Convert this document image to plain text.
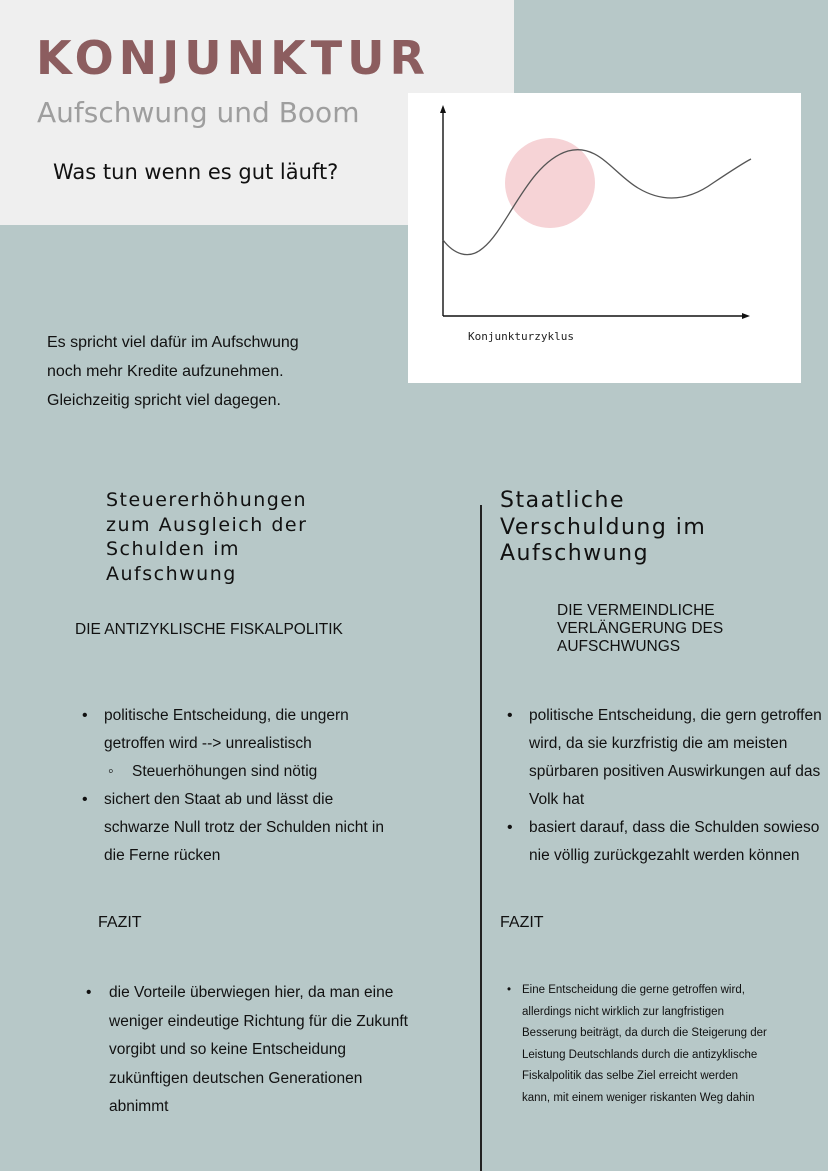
KONJUNKTUR
Aufschwung und Boom
Was tun wenn es gut läuft?
Konjunkturzyklus
Es spricht viel dafür im Aufschwung
noch mehr Kredite aufzunehmen.
Gleichzeitig spricht viel dagegen.
Steuererhöhungen
zum Ausgleich der
Schulden im
Aufschwung
Staatliche
Verschuldung im
Aufschwung
DIE ANTIZYKLISCHE FISKALPOLITIK
DIE VERMEINDLICHE
VERLÄNGERUNG DES
AUFSCHWUNGS
• politische Entscheidung, die ungern getroffen wird --> unrealistisch
◦ Steuerhöhungen sind nötig
• sichert den Staat ab und lässt die schwarze Null trotz der Schulden nicht in die Ferne rücken
• politische Entscheidung, die gern getroffen wird, da sie kurzfristig die am meisten spürbaren positiven Auswirkungen auf das Volk hat
• basiert darauf, dass die Schulden sowieso nie völlig zurückgezahlt werden können
FAZIT	FAZIT
• die Vorteile überwiegen hier, da man eine weniger eindeutige Richtung für die Zukunft vorgibt und so keine Entscheidung zukünftigen deutschen Generationen abnimmt
• Eine Entscheidung die gerne getroffen wird, allerdings nicht wirklich zur langfristigen Besserung beiträgt, da durch die Steigerung der Leistung Deutschlands durch die antizyklische Fiskalpolitik das selbe Ziel erreicht werden kann, mit einem weniger riskanten Weg dahin
